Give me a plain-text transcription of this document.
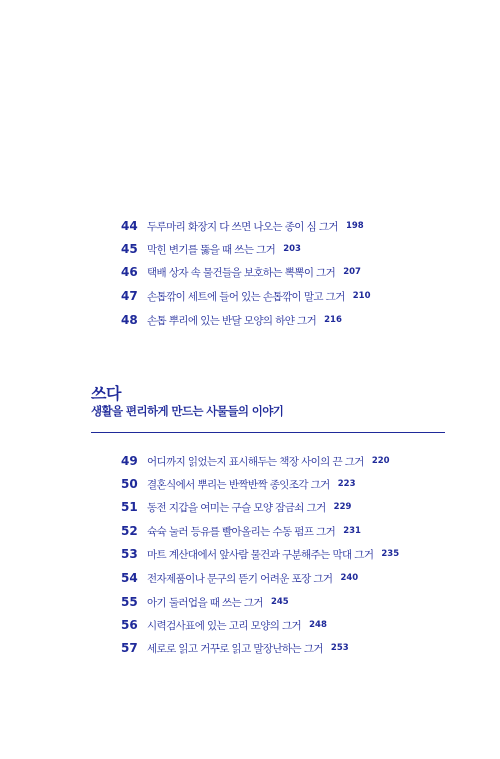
44 두루마리 화장지 다 쓰면 나오는 종이 심 그거 198
45 막힌 변기를 뚫을 때 쓰는 그거 203
46 택배 상자 속 물건들을 보호하는 뽁뽁이 그거 207
47 손톱깎이 세트에 들어 있는 손톱깎이 말고 그거 210
48 손톱 뿌리에 있는 반달 모양의 하얀 그거 216
쓰다
생활을 편리하게 만드는 사물들의 이야기
49 어디까지 읽었는지 표시해두는 책장 사이의 끈 그거 220
50 결혼식에서 뿌리는 반짝반짝 종잇조각 그거 223
51 동전 지갑을 여미는 구슬 모양 잠금쇠 그거 229
52 슉슉 눌러 등유를 빨아올리는 수동 펌프 그거 231
53 마트 계산대에서 앞사람 물건과 구분해주는 막대 그거 235
54 전자제품이나 문구의 뜯기 어려운 포장 그거 240
55 아기 둘러업을 때 쓰는 그거 245
56 시력검사표에 있는 고리 모양의 그거 248
57 세로로 읽고 거꾸로 읽고 말장난하는 그거 253
